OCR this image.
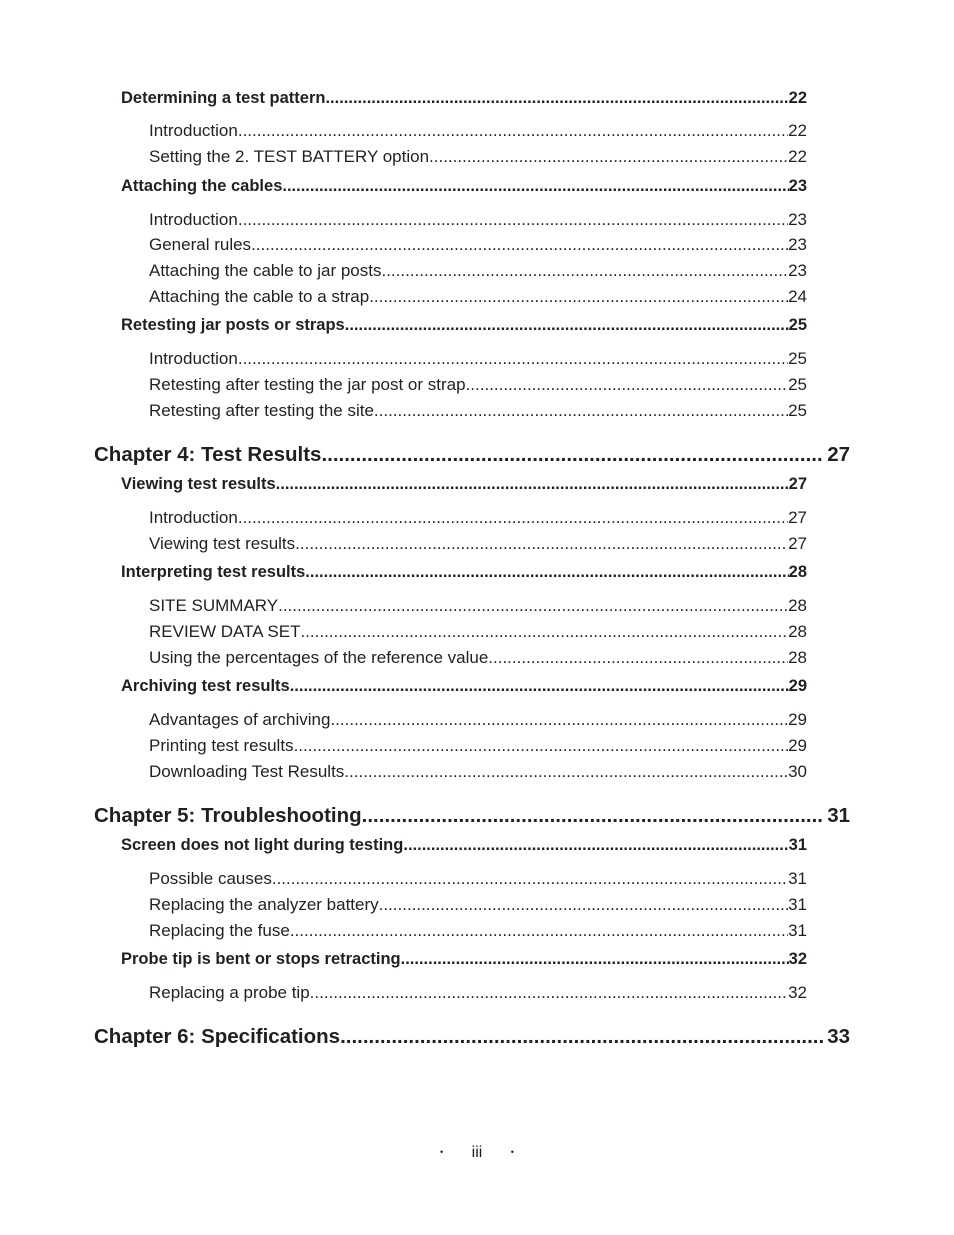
Determining a test pattern .....	22
Introduction .....	22
Setting the 2. TEST BATTERY option .....	22
Attaching the cables .....	23
Introduction .....	23
General rules .....	23
Attaching the cable to jar posts .....	23
Attaching the cable to a strap .....	24
Retesting jar posts or straps .....	25
Introduction .....	25
Retesting after testing the jar post or strap .....	25
Retesting after testing the site .....	25
Chapter 4: Test Results .....	27
Viewing test results .....	27
Introduction .....	27
Viewing test results .....	27
Interpreting test results .....	28
SITE SUMMARY .....	28
REVIEW DATA SET .....	28
Using the percentages of the reference value .....	28
Archiving test results .....	29
Advantages of archiving .....	29
Printing test results .....	29
Downloading Test Results .....	30
Chapter 5: Troubleshooting .....	31
Screen does not light during testing .....	31
Possible causes .....	31
Replacing the analyzer battery .....	31
Replacing the fuse .....	31
Probe tip is bent or stops retracting .....	32
Replacing a probe tip .....	32
Chapter 6: Specifications .....	33
• iii	•
